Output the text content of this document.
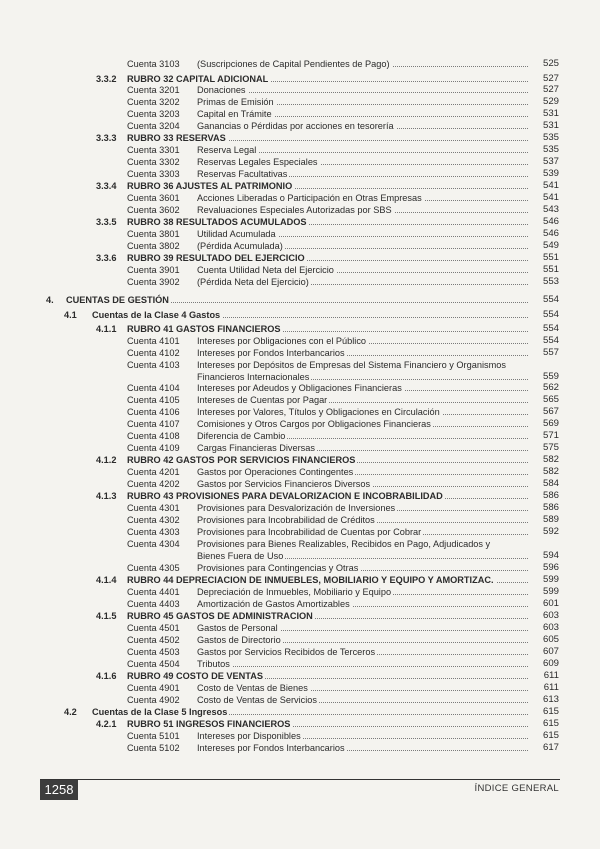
Cuenta 3103 (Suscripciones de Capital Pendientes de Pago)	525
3.3.2 RUBRO 32 CAPITAL ADICIONAL	527
Cuenta 3201 Donaciones	527
Cuenta 3202 Primas de Emisión	529
Cuenta 3203 Capital en Trámite	531
Cuenta 3204 Ganancias o Pérdidas por acciones en tesorería	531
3.3.3 RUBRO 33 RESERVAS	535
Cuenta 3301 Reserva Legal	535
Cuenta 3302 Reservas Legales Especiales	537
Cuenta 3303 Reservas Facultativas	539
3.3.4 RUBRO 36 AJUSTES AL PATRIMONIO	541
Cuenta 3601 Acciones Liberadas o Participación en Otras Empresas	541
Cuenta 3602 Revaluaciones Especiales Autorizadas por SBS	543
3.3.5 RUBRO 38 RESULTADOS ACUMULADOS	546
Cuenta 3801 Utilidad Acumulada	546
Cuenta 3802 (Pérdida Acumulada)	549
3.3.6 RUBRO 39 RESULTADO DEL EJERCICIO	551
Cuenta 3901 Cuenta Utilidad Neta del Ejercicio	551
Cuenta 3902 (Pérdida Neta del Ejercicio)	553
4. CUENTAS DE GESTIÓN	554
4.1 Cuentas de la Clase 4 Gastos	554
4.1.1 RUBRO 41 GASTOS FINANCIEROS	554
Cuenta 4101 Intereses por Obligaciones con el Público	554
Cuenta 4102 Intereses por Fondos Interbancarios	557
Cuenta 4103 Intereses por Depósitos de Empresas del Sistema Financiero y Organismos
Financieros Internacionales	559
Cuenta 4104 Intereses por Adeudos y Obligaciones Financieras	562
Cuenta 4105 Intereses de Cuentas por Pagar	565
Cuenta 4106 Intereses por Valores, Títulos y Obligaciones en Circulación	567
Cuenta 4107 Comisiones y Otros Cargos por Obligaciones Financieras	569
Cuenta 4108 Diferencia de Cambio	571
Cuenta 4109 Cargas Financieras Diversas	575
4.1.2 RUBRO 42 GASTOS POR SERVICIOS FINANCIEROS	582
Cuenta 4201 Gastos por Operaciones Contingentes	582
Cuenta 4202 Gastos por Servicios Financieros Diversos	584
4.1.3 RUBRO 43 PROVISIONES PARA DEVALORIZACION E INCOBRABILIDAD	586
Cuenta 4301 Provisiones para Desvalorización de Inversiones	586
Cuenta 4302 Provisiones para Incobrabilidad de Créditos	589
Cuenta 4303 Provisiones para Incobrabilidad de Cuentas por Cobrar	592
Cuenta 4304 Provisiones para Bienes Realizables, Recibidos en Pago, Adjudicados y
Bienes Fuera de Uso	594
Cuenta 4305 Provisiones para Contingencias y Otras	596
4.1.4 RUBRO 44 DEPRECIACION DE INMUEBLES, MOBILIARIO Y EQUIPO Y AMORTIZAC.	599
Cuenta 4401 Depreciación de Inmuebles, Mobiliario y Equipo	599
Cuenta 4403 Amortización de Gastos Amortizables	601
4.1.5 RUBRO 45 GASTOS DE ADMINISTRACION	603
Cuenta 4501 Gastos de Personal	603
Cuenta 4502 Gastos de Directorio	605
Cuenta 4503 Gastos por Servicios Recibidos de Terceros	607
Cuenta 4504 Tributos	609
4.1.6 RUBRO 49 COSTO DE VENTAS	611
Cuenta 4901 Costo de Ventas de Bienes	611
Cuenta 4902 Costo de Ventas de Servicios	613
4.2 Cuentas de la Clase 5 Ingresos	615
4.2.1 RUBRO 51 INGRESOS FINANCIEROS	615
Cuenta 5101 Intereses por Disponibles	615
Cuenta 5102 Intereses por Fondos Interbancarios	617
1258	ÍNDICE GENERAL
